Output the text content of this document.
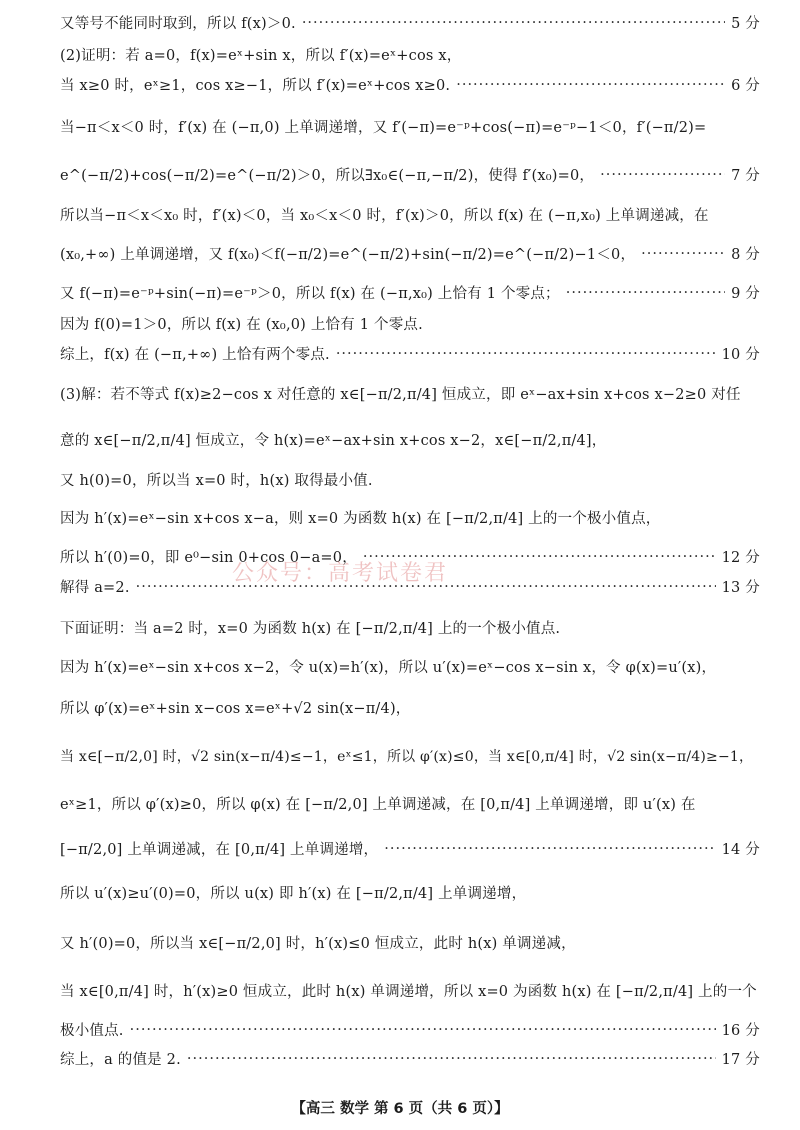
又等号不能同时取到，所以 f(x)＞0. ·····	5 分
(2)证明：若 a=0，f(x)=eˣ+sin x，所以 f′(x)=eˣ+cos x，
当 x≥0 时，eˣ≥1，cos x≥−1，所以 f′(x)=eˣ+cos x≥0. ·····	6 分
当−π＜x＜0 时，f′(x) 在 (−π,0) 上单调递增，又 f′(−π)=e⁻ᵖ+cos(−π)=e⁻ᵖ−1＜0，f′(−π/2)=
e^(−π/2)+cos(−π/2)=e^(−π/2)＞0，所以∃x₀∈(−π,−π/2)，使得 f′(x₀)=0， ·····	7 分
所以当−π＜x＜x₀ 时，f′(x)＜0，当 x₀＜x＜0 时，f′(x)＞0，所以 f(x) 在 (−π,x₀) 上单调递减，在
(x₀,+∞) 上单调递增，又 f(x₀)＜f(−π/2)=e^(−π/2)+sin(−π/2)=e^(−π/2)−1＜0， ·····	8 分
又 f(−π)=e⁻ᵖ+sin(−π)=e⁻ᵖ＞0，所以 f(x) 在 (−π,x₀) 上恰有 1 个零点； ·····	9 分
因为 f(0)=1＞0，所以 f(x) 在 (x₀,0) 上恰有 1 个零点.
综上，f(x) 在 (−π,+∞) 上恰有两个零点. ·····	10 分
(3)解：若不等式 f(x)≥2−cos x 对任意的 x∈[−π/2,π/4] 恒成立，即 eˣ−ax+sin x+cos x−2≥0 对任
意的 x∈[−π/2,π/4] 恒成立，令 h(x)=eˣ−ax+sin x+cos x−2，x∈[−π/2,π/4]，
又 h(0)=0，所以当 x=0 时，h(x) 取得最小值.
因为 h′(x)=eˣ−sin x+cos x−a，则 x=0 为函数 h(x) 在 [−π/2,π/4] 上的一个极小值点，
所以 h′(0)=0，即 e⁰−sin 0+cos 0−a=0， ·····	12 分
解得 a=2. ·····	13 分
下面证明：当 a=2 时，x=0 为函数 h(x) 在 [−π/2,π/4] 上的一个极小值点.
因为 h′(x)=eˣ−sin x+cos x−2，令 u(x)=h′(x)，所以 u′(x)=eˣ−cos x−sin x，令 φ(x)=u′(x)，
所以 φ′(x)=eˣ+sin x−cos x=eˣ+√2 sin(x−π/4)，
当 x∈[−π/2,0] 时，√2 sin(x−π/4)≤−1，eˣ≤1，所以 φ′(x)≤0，当 x∈[0,π/4] 时，√2 sin(x−π/4)≥−1，
eˣ≥1，所以 φ′(x)≥0，所以 φ(x) 在 [−π/2,0] 上单调递减，在 [0,π/4] 上单调递增，即 u′(x) 在
[−π/2,0] 上单调递减，在 [0,π/4] 上单调递增， ·····	14 分
所以 u′(x)≥u′(0)=0，所以 u(x) 即 h′(x) 在 [−π/2,π/4] 上单调递增，
又 h′(0)=0，所以当 x∈[−π/2,0] 时，h′(x)≤0 恒成立，此时 h(x) 单调递减，
当 x∈[0,π/4] 时，h′(x)≥0 恒成立，此时 h(x) 单调递增，所以 x=0 为函数 h(x) 在 [−π/2,π/4] 上的一个
极小值点. ·····	16 分
综上，a 的值是 2. ·····	17 分
公众号：高考试卷君
【高三 数学 第 6 页（共 6 页）】
